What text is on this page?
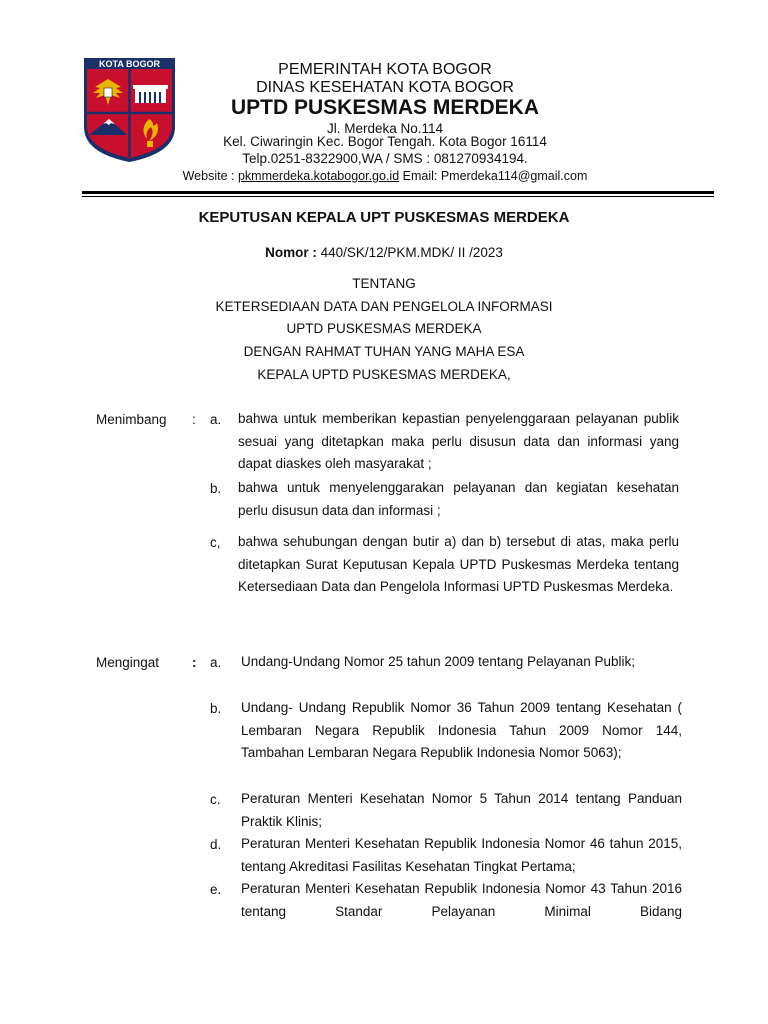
KOTA BOGOR	PEMERINTAH KOTA BOGOR
DINAS KESEHATAN KOTA BOGOR
UPTD PUSKESMAS MERDEKA
Jl. Merdeka No.114
Kel. Ciwaringin Kec. Bogor Tengah. Kota Bogor 16114
Telp.0251-8322900,WA / SMS : 081270934194.
Website : pkmmerdeka.kotabogor.go.id Email: Pmerdeka114@gmail.com
KEPUTUSAN KEPALA UPT PUSKESMAS MERDEKA
Nomor : 440/SK/12/PKM.MDK/ II /2023
TENTANG
KETERSEDIAAN DATA DAN PENGELOLA INFORMASI
UPTD PUSKESMAS MERDEKA
DENGAN RAHMAT TUHAN YANG MAHA ESA
KEPALA UPTD PUSKESMAS MERDEKA,
Menimbang : a. bahwa untuk memberikan kepastian penyelenggaraan pelayanan publik sesuai yang ditetapkan maka perlu disusun data dan informasi yang dapat diaskes oleh masyarakat ;
b. bahwa untuk menyelenggarakan pelayanan dan kegiatan kesehatan perlu disusun data dan informasi ;
c, bahwa sehubungan dengan butir a) dan b) tersebut di atas, maka perlu ditetapkan Surat Keputusan Kepala UPTD Puskesmas Merdeka tentang Ketersediaan Data dan Pengelola Informasi UPTD Puskesmas Merdeka.
Mengingat : a. Undang-Undang Nomor 25 tahun 2009 tentang Pelayanan Publik;
b. Undang- Undang Republik Nomor 36 Tahun 2009 tentang Kesehatan ( Lembaran Negara Republik Indonesia Tahun 2009 Nomor 144, Tambahan Lembaran Negara Republik Indonesia Nomor 5063);
c. Peraturan Menteri Kesehatan Nomor 5 Tahun 2014 tentang Panduan Praktik Klinis;
d. Peraturan Menteri Kesehatan Republik Indonesia Nomor 46 tahun 2015, tentang Akreditasi Fasilitas Kesehatan Tingkat Pertama;
e. Peraturan Menteri Kesehatan Republik Indonesia Nomor 43 Tahun 2016 tentang Standar Pelayanan Minimal Bidang
